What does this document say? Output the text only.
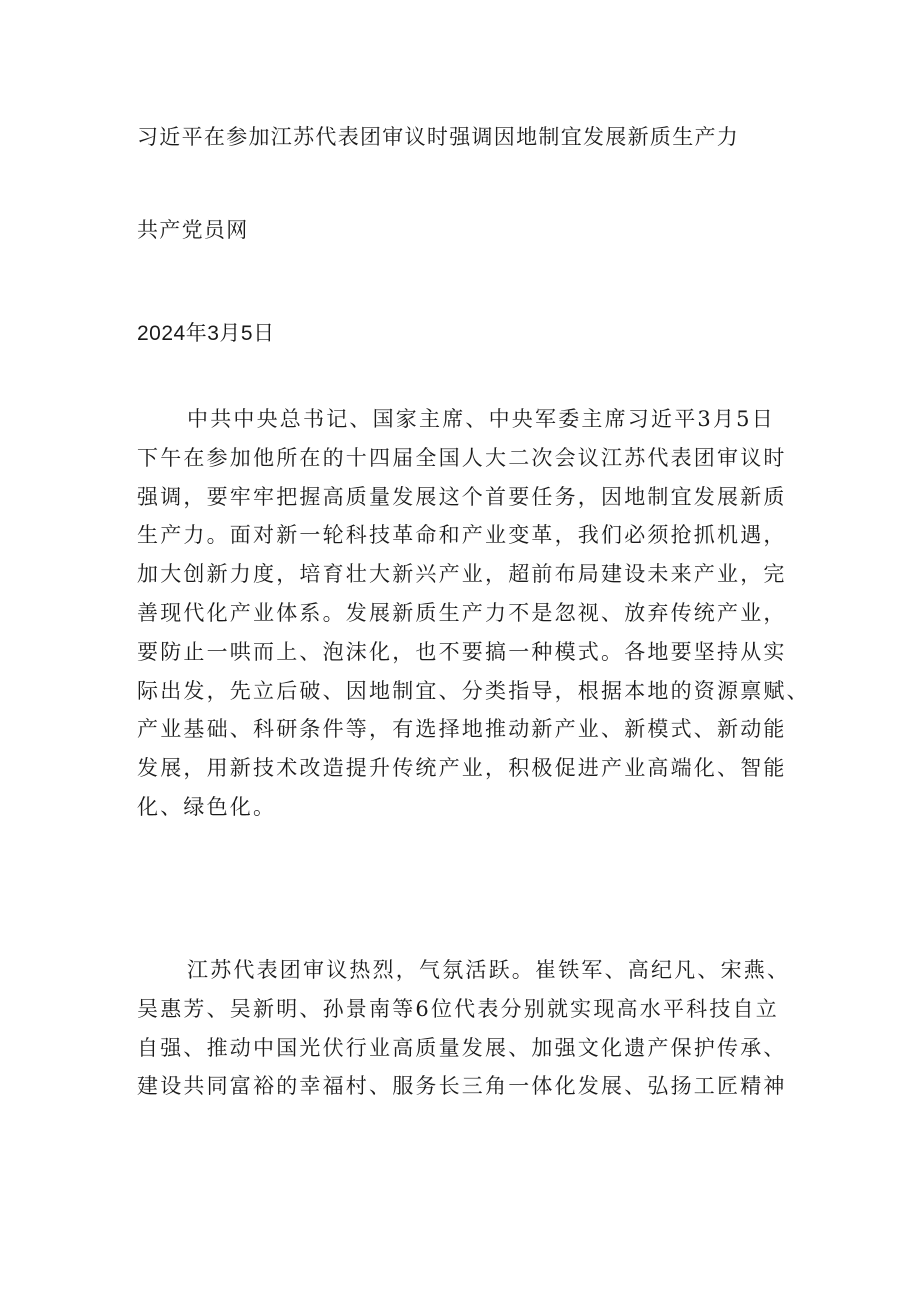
习近平在参加江苏代表团审议时强调因地制宜发展新质生产力
共产党员网
2024年3月5日
中共中央总书记、国家主席、中央军委主席习近平3月5日
下午在参加他所在的十四届全国人大二次会议江苏代表团审议时
强调，要牢牢把握高质量发展这个首要任务，因地制宜发展新质
生产力。面对新一轮科技革命和产业变革，我们必须抢抓机遇，
加大创新力度，培育壮大新兴产业，超前布局建设未来产业，完
善现代化产业体系。发展新质生产力不是忽视、放弃传统产业，
要防止一哄而上、泡沫化，也不要搞一种模式。各地要坚持从实
际出发，先立后破、因地制宜、分类指导，根据本地的资源禀赋、
产业基础、科研条件等，有选择地推动新产业、新模式、新动能
发展，用新技术改造提升传统产业，积极促进产业高端化、智能
化、绿色化。
江苏代表团审议热烈，气氛活跃。崔铁军、高纪凡、宋燕、
吴惠芳、吴新明、孙景南等6位代表分别就实现高水平科技自立
自强、推动中国光伏行业高质量发展、加强文化遗产保护传承、
建设共同富裕的幸福村、服务长三角一体化发展、弘扬工匠精神
